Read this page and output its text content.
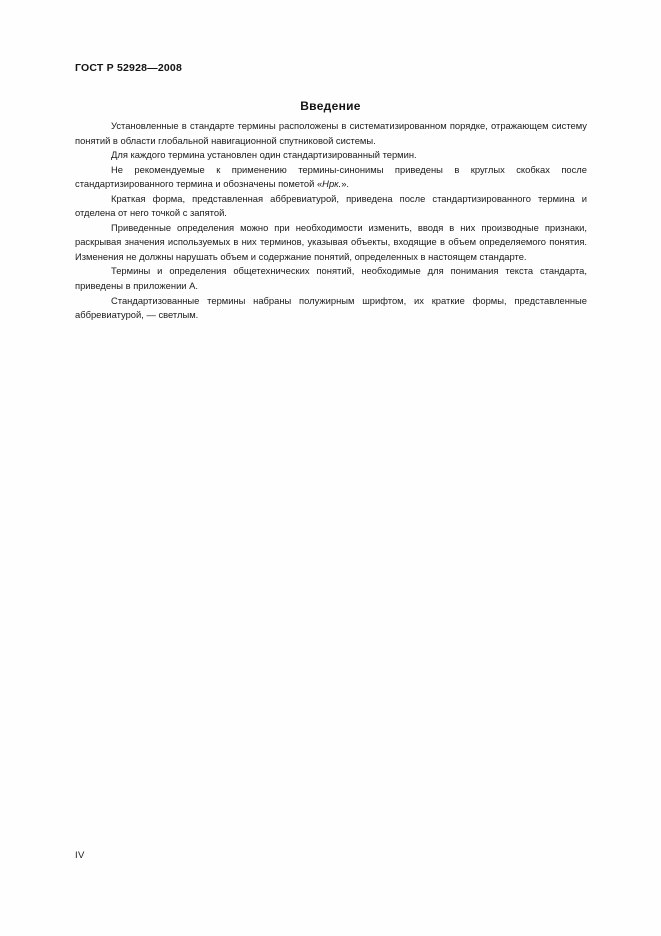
ГОСТ Р 52928—2008
Введение

Установленные в стандарте термины расположены в систематизированном порядке, отражающем систему понятий в области глобальной навигационной спутниковой системы.

Для каждого термина установлен один стандартизированный термин.

Не рекомендуемые к применению термины-синонимы приведены в круглых скобках после стандартизированного термина и обозначены пометой «Нрк.».

Краткая форма, представленная аббревиатурой, приведена после стандартизированного термина и отделена от него точкой с запятой.

Приведенные определения можно при необходимости изменить, вводя в них производные признаки, раскрывая значения используемых в них терминов, указывая объекты, входящие в объем определяемого понятия. Изменения не должны нарушать объем и содержание понятий, определенных в настоящем стандарте.

Термины и определения общетехнических понятий, необходимые для понимания текста стандарта, приведены в приложении А.

Стандартизованные термины набраны полужирным шрифтом, их краткие формы, представленные аббревиатурой, — светлым.

IV
